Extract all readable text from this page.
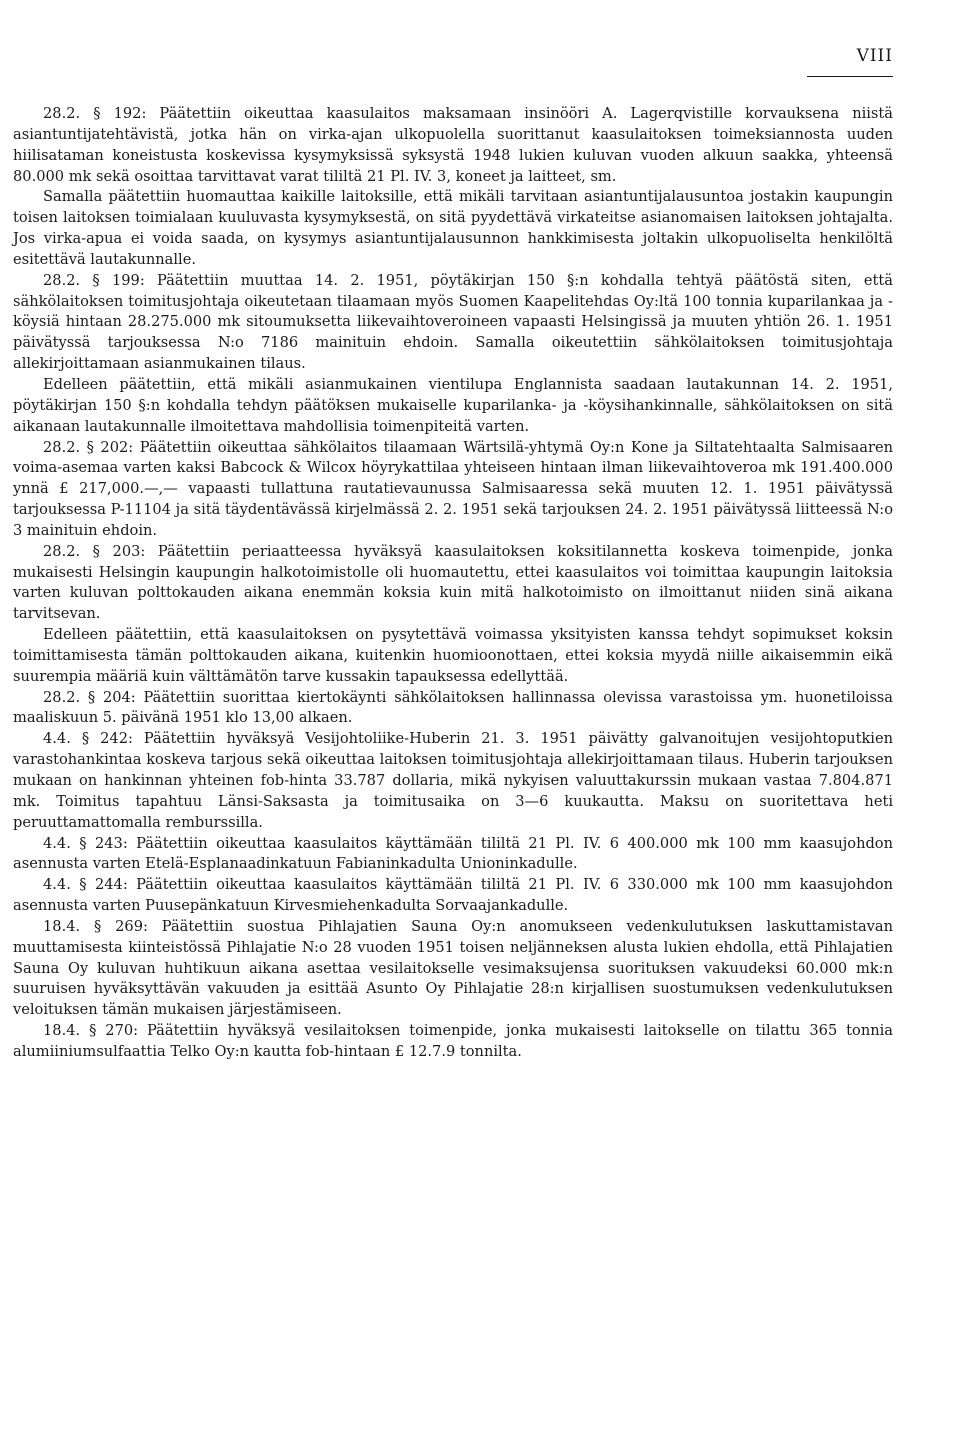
VIII

28.2. § 192: Päätettiin oikeuttaa kaasulaitos maksamaan insinööri A. Lagerqvistille korvauksena niistä asiantuntijatehtävistä, jotka hän on virka-ajan ulkopuolella suorittanut kaasulaitoksen toimeksiannosta uuden hiilisataman koneistusta koskevissa kysymyksissä syksystä 1948 lukien kuluvan vuoden alkuun saakka, yhteensä 80.000 mk sekä osoittaa tarvittavat varat tililtä 21 Pl. IV. 3, koneet ja laitteet, sm.

Samalla päätettiin huomauttaa kaikille laitoksille, että mikäli tarvitaan asiantuntijalausuntoa jostakin kaupungin toisen laitoksen toimialaan kuuluvasta kysymyksestä, on sitä pyydettävä virkateitse asianomaisen laitoksen johtajalta. Jos virka-apua ei voida saada, on kysymys asiantuntijalausunnon hankkimisesta joltakin ulkopuoliselta henkilöltä esitettävä lautakunnalle.

28.2. § 199: Päätettiin muuttaa 14. 2. 1951, pöytäkirjan 150 §:n kohdalla tehtyä päätöstä siten, että sähkölaitoksen toimitusjohtaja oikeutetaan tilaamaan myös Suomen Kaapelitehdas Oy:ltä 100 tonnia kuparilankaa ja -köysiä hintaan 28.275.000 mk sitoumuksetta liikevaihtoveroineen vapaasti Helsingissä ja muuten yhtiön 26. 1. 1951 päivätyssä tarjouksessa N:o 7186 mainituin ehdoin. Samalla oikeutettiin sähkölaitoksen toimitusjohtaja allekirjoittamaan asianmukainen tilaus.

Edelleen päätettiin, että mikäli asianmukainen vientilupa Englannista saadaan lautakunnan 14. 2. 1951, pöytäkirjan 150 §:n kohdalla tehdyn päätöksen mukaiselle kuparilanka- ja -köysihankinnalle, sähkölaitoksen on sitä aikanaan lautakunnalle ilmoitettava mahdollisia toimenpiteitä varten.

28.2. § 202: Päätettiin oikeuttaa sähkölaitos tilaamaan Wärtsilä-yhtymä Oy:n Kone ja Siltatehtaalta Salmisaaren voima-asemaa varten kaksi Babcock & Wilcox höyrykattilaa yhteiseen hintaan ilman liikevaihtoveroa mk 191.400.000 ynnä £ 217,000.—,— vapaasti tullattuna rautatievaunussa Salmisaaressa sekä muuten 12. 1. 1951 päivätyssä tarjouksessa P-11104 ja sitä täydentävässä kirjelmässä 2. 2. 1951 sekä tarjouksen 24. 2. 1951 päivätyssä liitteessä N:o 3 mainituin ehdoin.

28.2. § 203: Päätettiin periaatteessa hyväksyä kaasulaitoksen koksitilannetta koskeva toimenpide, jonka mukaisesti Helsingin kaupungin halkotoimistolle oli huomautettu, ettei kaasulaitos voi toimittaa kaupungin laitoksia varten kuluvan polttokauden aikana enemmän koksia kuin mitä halkotoimisto on ilmoittanut niiden sinä aikana tarvitsevan.

Edelleen päätettiin, että kaasulaitoksen on pysytettävä voimassa yksityisten kanssa tehdyt sopimukset koksin toimittamisesta tämän polttokauden aikana, kuitenkin huomioonottaen, ettei koksia myydä niille aikaisemmin eikä suurempia määriä kuin välttämätön tarve kussakin tapauksessa edellyttää.

28.2. § 204: Päätettiin suorittaa kiertokäynti sähkölaitoksen hallinnassa olevissa varastoissa ym. huonetiloissa maaliskuun 5. päivänä 1951 klo 13,00 alkaen.

4.4. § 242: Päätettiin hyväksyä Vesijohtoliike-Huberin 21. 3. 1951 päivätty galvanoitujen vesijohtoputkien varastohankintaa koskeva tarjous sekä oikeuttaa laitoksen toimitusjohtaja allekirjoittamaan tilaus. Huberin tarjouksen mukaan on hankinnan yhteinen fob-hinta 33.787 dollaria, mikä nykyisen valuuttakurssin mukaan vastaa 7.804.871 mk. Toimitus tapahtuu Länsi-Saksasta ja toimitusaika on 3—6 kuukautta. Maksu on suoritettava heti peruuttamattomalla remburssilla.

4.4. § 243: Päätettiin oikeuttaa kaasulaitos käyttämään tililtä 21 Pl. IV. 6 400.000 mk 100 mm kaasujohdon asennusta varten Etelä-Esplanaadinkatuun Fabianinkadulta Unioninkadulle.

4.4. § 244: Päätettiin oikeuttaa kaasulaitos käyttämään tililtä 21 Pl. IV. 6 330.000 mk 100 mm kaasujohdon asennusta varten Puusepänkatuun Kirvesmiehenkadulta Sorvaajankadulle.

18.4. § 269: Päätettiin suostua Pihlajatien Sauna Oy:n anomukseen vedenkulutuksen laskuttamistavan muuttamisesta kiinteistössä Pihlajatie N:o 28 vuoden 1951 toisen neljänneksen alusta lukien ehdolla, että Pihlajatien Sauna Oy kuluvan huhtikuun aikana asettaa vesilaitokselle vesimaksujensa suorituksen vakuudeksi 60.000 mk:n suuruisen hyväksyttävän vakuuden ja esittää Asunto Oy Pihlajatie 28:n kirjallisen suostumuksen vedenkulutuksen veloituksen tämän mukaisen järjestämiseen.

18.4. § 270: Päätettiin hyväksyä vesilaitoksen toimenpide, jonka mukaisesti laitokselle on tilattu 365 tonnia alumiiniumsulfaattia Telko Oy:n kautta fob-hintaan £ 12.7.9 tonnilta.
